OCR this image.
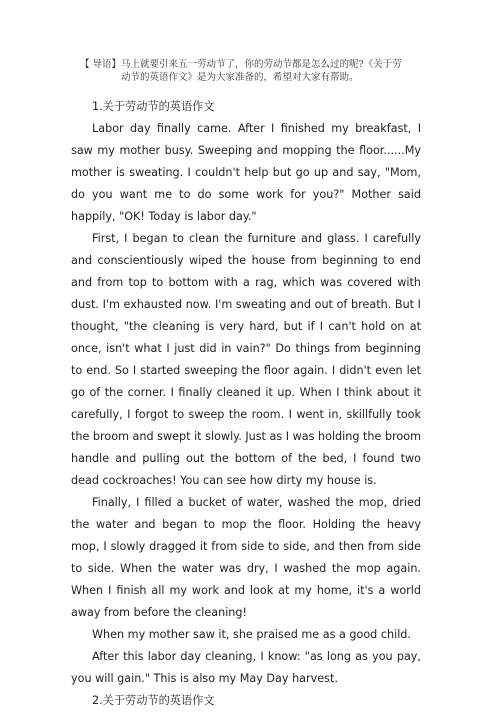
【 导语】马上就要引来五一劳动节了，你的劳动节都是怎么过的呢?《关于劳
动节的英语作文》是为大家准备的，希望对大家有帮助。

1.关于劳动节的英语作文

Labor day finally came. After I finished my breakfast, I saw my mother busy. Sweeping and mopping the floor......My mother is sweating. I couldn't help but go up and say, "Mom, do you want me to do some work for you?" Mother said happily, "OK! Today is labor day."

First, I began to clean the furniture and glass. I carefully and conscientiously wiped the house from beginning to end and from top to bottom with a rag, which was covered with dust. I'm exhausted now. I'm sweating and out of breath. But I thought, "the cleaning is very hard, but if I can't hold on at once, isn't what I just did in vain?" Do things from beginning to end. So I started sweeping the floor again. I didn't even let go of the corner. I finally cleaned it up. When I think about it carefully, I forgot to sweep the room. I went in, skillfully took the broom and swept it slowly. Just as I was holding the broom handle and pulling out the bottom of the bed, I found two dead cockroaches! You can see how dirty my house is.

Finally, I filled a bucket of water, washed the mop, dried the water and began to mop the floor. Holding the heavy mop, I slowly dragged it from side to side, and then from side to side. When the water was dry, I washed the mop again. When I finish all my work and look at my home, it's a world away from before the cleaning!

When my mother saw it, she praised me as a good child.

After this labor day cleaning, I know: "as long as you pay, you will gain." This is also my May Day harvest.

2.关于劳动节的英语作文
